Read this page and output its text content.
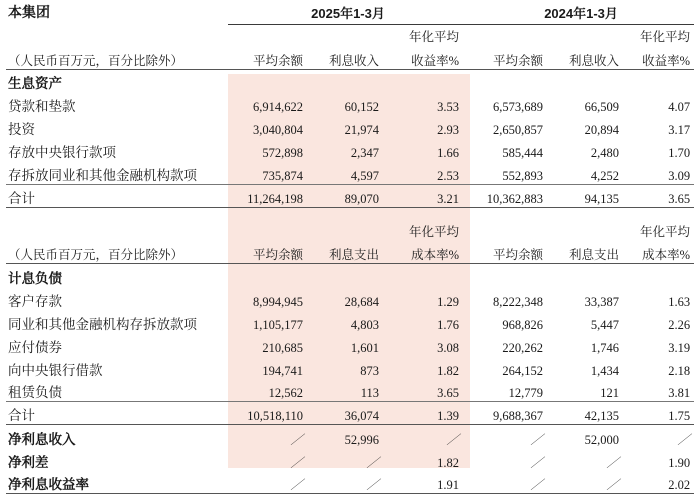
本集团	2025年1-3月			2024年1-3月		
			年化平均			年化平均
（人民币百万元，百分比除外）	平均余额	利息收入	收益率%	平均余额	利息收入	收益率%
生息资产						
贷款和垫款	6,914,622	60,152	3.53	6,573,689	66,509	4.07
投资	3,040,804	21,974	2.93	2,650,857	20,894	3.17
存放中央银行款项	572,898	2,347	1.66	585,444	2,480	1.70
存拆放同业和其他金融机构款项	735,874	4,597	2.53	552,893	4,252	3.09
合计	11,264,198	89,070	3.21	10,362,883	94,135	3.65

			年化平均			年化平均
（人民币百万元，百分比除外）	平均余额	利息支出	成本率%	平均余额	利息支出	成本率%
计息负债						
客户存款	8,994,945	28,684	1.29	8,222,348	33,387	1.63
同业和其他金融机构存拆放款项	1,105,177	4,803	1.76	968,826	5,447	2.26
应付债券	210,685	1,601	3.08	220,262	1,746	3.19
向中央银行借款	194,741	873	1.82	264,152	1,434	2.18
租赁负债	12,562	113	3.65	12,779	121	3.81
合计	10,518,110	36,074	1.39	9,688,367	42,135	1.75
净利息收入	／	52,996	／	／	52,000	／
净利差	／	／	1.82	／	／	1.90
净利息收益率	／	／	1.91	／	／	2.02
